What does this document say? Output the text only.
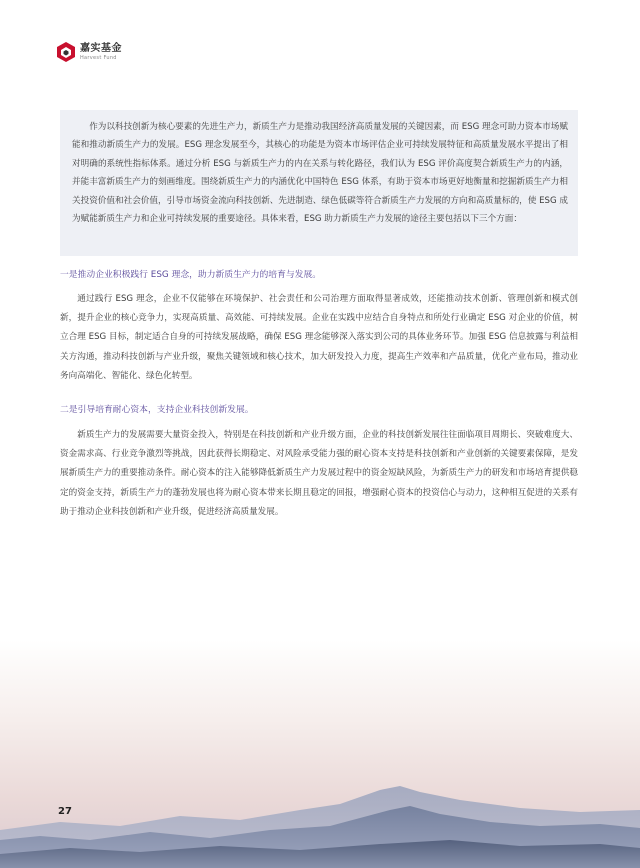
嘉实基金
Harvest Fund

作为以科技创新为核心要素的先进生产力，新质生产力是推动我国经济高质量发展的关键因素，而 ESG 理念可助力资本市场赋能和推动新质生产力的发展。ESG 理念发展至今，其核心的功能是为资本市场评估企业可持续发展特征和高质量发展水平提出了相对明确的系统性指标体系。通过分析 ESG 与新质生产力的内在关系与转化路径，我们认为 ESG 评价高度契合新质生产力的内涵，并能丰富新质生产力的刻画维度。围绕新质生产力的内涵优化中国特色 ESG 体系，有助于资本市场更好地衡量和挖掘新质生产力相关投资价值和社会价值，引导市场资金流向科技创新、先进制造、绿色低碳等符合新质生产力发展的方向和高质量标的，使 ESG 成为赋能新质生产力和企业可持续发展的重要途径。具体来看，ESG 助力新质生产力发展的途径主要包括以下三个方面：

一是推动企业积极践行 ESG 理念，助力新质生产力的培育与发展。

通过践行 ESG 理念，企业不仅能够在环境保护、社会责任和公司治理方面取得显著成效，还能推动技术创新、管理创新和模式创新，提升企业的核心竞争力，实现高质量、高效能、可持续发展。企业在实践中应结合自身特点和所处行业确定 ESG 对企业的价值，树立合理 ESG 目标，制定适合自身的可持续发展战略，确保 ESG 理念能够深入落实到公司的具体业务环节。加强 ESG 信息披露与利益相关方沟通，推动科技创新与产业升级，聚焦关键领域和核心技术，加大研发投入力度，提高生产效率和产品质量，优化产业布局，推动业务向高端化、智能化、绿色化转型。

二是引导培育耐心资本，支持企业科技创新发展。

新质生产力的发展需要大量资金投入，特别是在科技创新和产业升级方面，企业的科技创新发展往往面临项目周期长、突破难度大、资金需求高、行业竞争激烈等挑战，因此获得长期稳定、对风险承受能力强的耐心资本支持是科技创新和产业创新的关键要素保障，是发展新质生产力的重要推动条件。耐心资本的注入能够降低新质生产力发展过程中的资金短缺风险，为新质生产力的研发和市场培育提供稳定的资金支持，新质生产力的蓬勃发展也将为耐心资本带来长期且稳定的回报，增强耐心资本的投资信心与动力，这种相互促进的关系有助于推动企业科技创新和产业升级，促进经济高质量发展。

27
